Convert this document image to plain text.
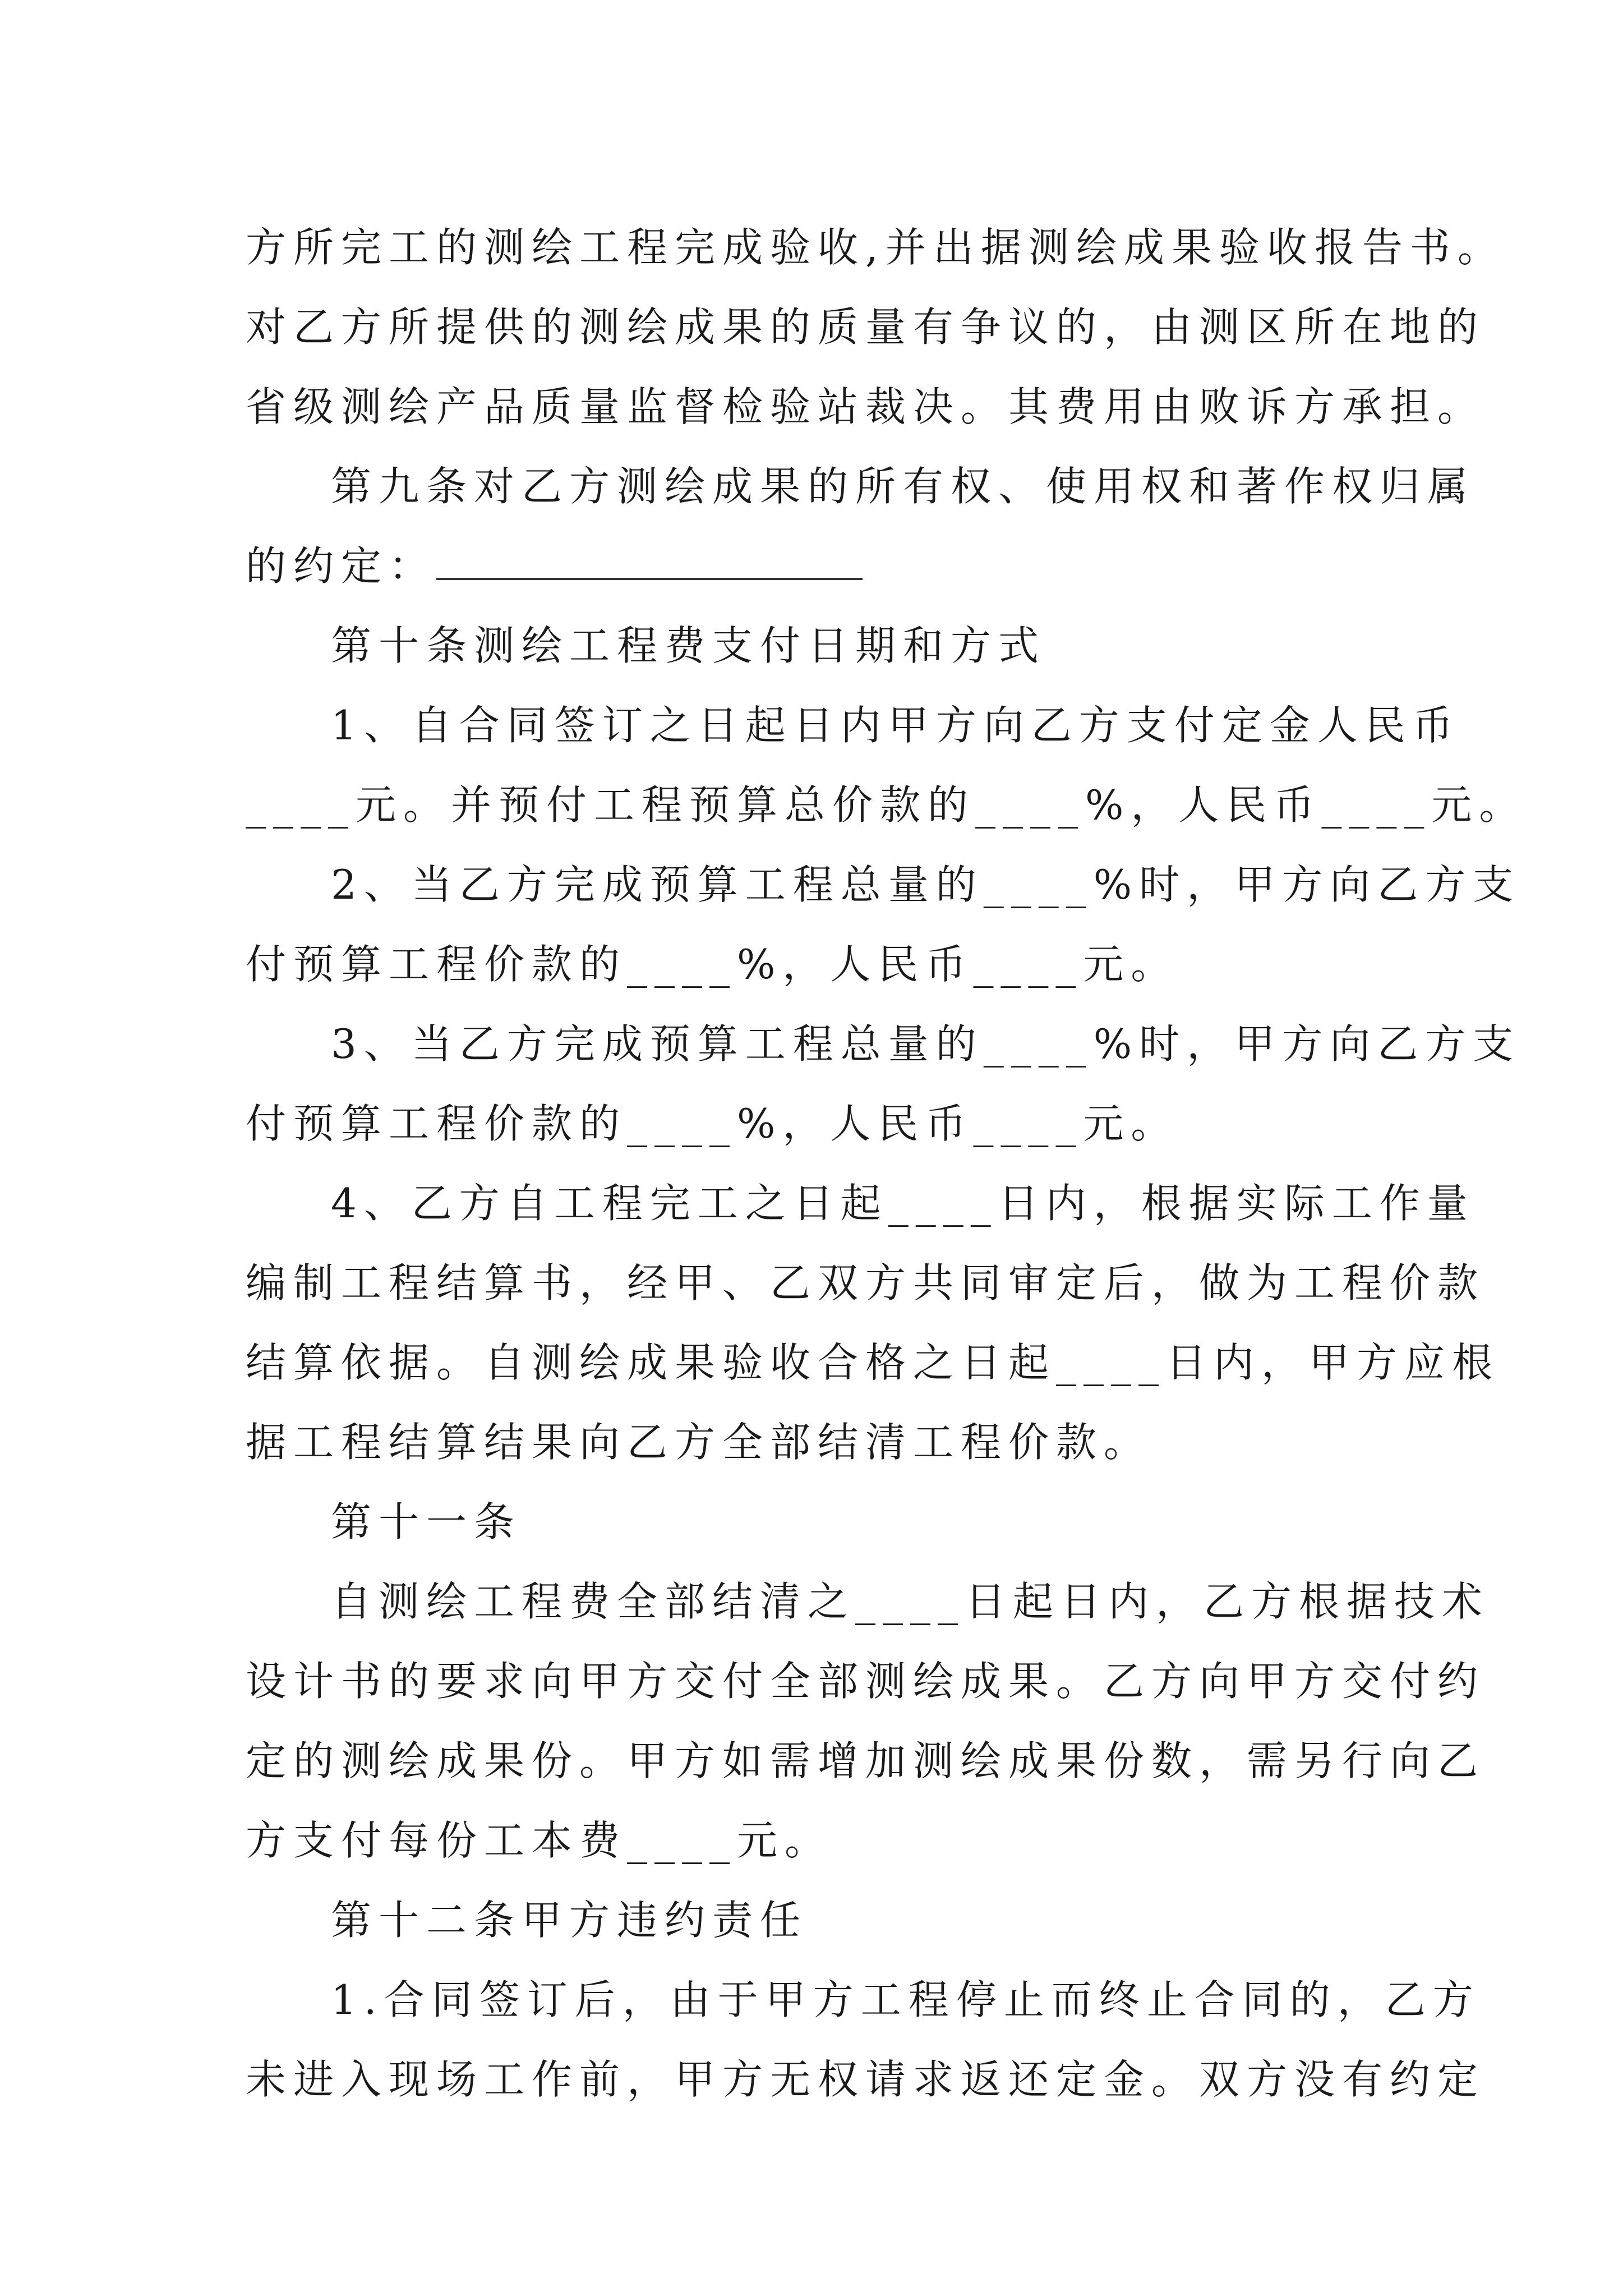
方所完工的测绘工程完成验收,并出据测绘成果验收报告书。
对乙方所提供的测绘成果的质量有争议的，由测区所在地的
省级测绘产品质量监督检验站裁决。其费用由败诉方承担。
第九条对乙方测绘成果的所有权、使用权和著作权归属
的约定：
第十条测绘工程费支付日期和方式
1、自合同签订之日起日内甲方向乙方支付定金人民币
____元。并预付工程预算总价款的____%，人民币____元。
2、当乙方完成预算工程总量的____%时，甲方向乙方支
付预算工程价款的____%，人民币____元。
3、当乙方完成预算工程总量的____%时，甲方向乙方支
付预算工程价款的____%，人民币____元。
4、乙方自工程完工之日起____日内，根据实际工作量
编制工程结算书，经甲、乙双方共同审定后，做为工程价款
结算依据。自测绘成果验收合格之日起____日内，甲方应根
据工程结算结果向乙方全部结清工程价款。
第十一条
自测绘工程费全部结清之____日起日内，乙方根据技术
设计书的要求向甲方交付全部测绘成果。乙方向甲方交付约
定的测绘成果份。甲方如需增加测绘成果份数，需另行向乙
方支付每份工本费____元。
第十二条甲方违约责任
1.合同签订后，由于甲方工程停止而终止合同的，乙方
未进入现场工作前，甲方无权请求返还定金。双方没有约定
